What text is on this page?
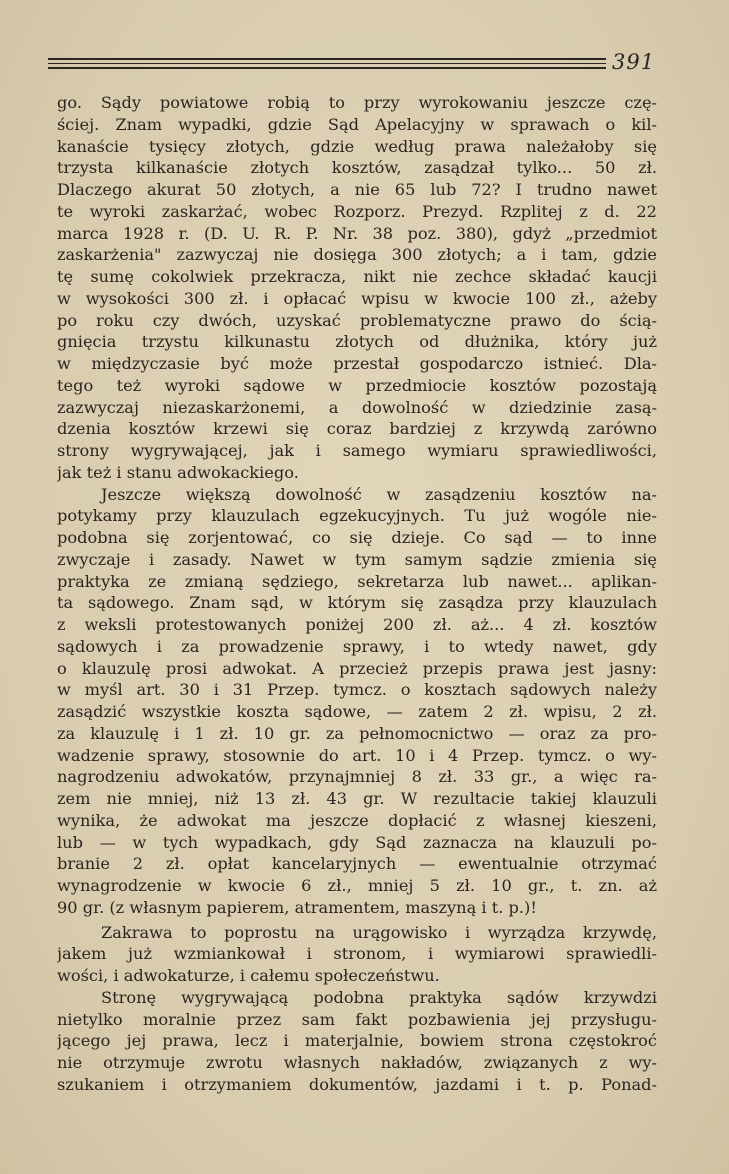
391
go. Sądy powiatowe robią to przy wyrokowaniu jeszcze czę-
ściej. Znam wypadki, gdzie Sąd Apelacyjny w sprawach o kil-
kanaście tysięcy złotych, gdzie według prawa należałoby się
trzysta kilkanaście złotych kosztów, zasądzał tylko... 50 zł.
Dlaczego akurat 50 złotych, a nie 65 lub 72? I trudno nawet
te wyroki zaskarżać, wobec Rozporz. Prezyd. Rzplitej z d. 22
marca 1928 r. (D. U. R. P. Nr. 38 poz. 380), gdyż „przedmiot
zaskarżenia" zazwyczaj nie dosięga 300 złotych; a i tam, gdzie
tę sumę cokolwiek przekracza, nikt nie zechce składać kaucji
w wysokości 300 zł. i opłacać wpisu w kwocie 100 zł., ażeby
po roku czy dwóch, uzyskać problematyczne prawo do ścią-
gnięcia trzystu kilkunastu złotych od dłużnika, który już
w międzyczasie być może przestał gospodarczo istnieć. Dla-
tego też wyroki sądowe w przedmiocie kosztów pozostają
zazwyczaj niezaskarżonemi, a dowolność w dziedzinie zasą-
dzenia kosztów krzewi się coraz bardziej z krzywdą zarówno
strony wygrywającej, jak i samego wymiaru sprawiedliwości,
jak też i stanu adwokackiego.
Jeszcze większą dowolność w zasądzeniu kosztów na-
potykamy przy klauzulach egzekucyjnych. Tu już wogóle nie-
podobna się zorjentować, co się dzieje. Co sąd — to inne
zwyczaje i zasady. Nawet w tym samym sądzie zmienia się
praktyka ze zmianą sędziego, sekretarza lub nawet... aplikan-
ta sądowego. Znam sąd, w którym się zasądza przy klauzulach
z weksli protestowanych poniżej 200 zł. aż... 4 zł. kosztów
sądowych i za prowadzenie sprawy, i to wtedy nawet, gdy
o klauzulę prosi adwokat. A przecież przepis prawa jest jasny:
w myśl art. 30 i 31 Przep. tymcz. o kosztach sądowych należy
zasądzić wszystkie koszta sądowe, — zatem 2 zł. wpisu, 2 zł.
za klauzulę i 1 zł. 10 gr. za pełnomocnictwo — oraz za pro-
wadzenie sprawy, stosownie do art. 10 i 4 Przep. tymcz. o wy-
nagrodzeniu adwokatów, przynajmniej 8 zł. 33 gr., a więc ra-
zem nie mniej, niż 13 zł. 43 gr. W rezultacie takiej klauzuli
wynika, że adwokat ma jeszcze dopłacić z własnej kieszeni,
lub — w tych wypadkach, gdy Sąd zaznacza na klauzuli po-
branie 2 zł. opłat kancelaryjnych — ewentualnie otrzymać
wynagrodzenie w kwocie 6 zł., mniej 5 zł. 10 gr., t. zn. aż
90 gr. (z własnym papierem, atramentem, maszyną i t. p.)!
Zakrawa to poprostu na urągowisko i wyrządza krzywdę,
jakem już wzmiankował i stronom, i wymiarowi sprawiedli-
wości, i adwokaturze, i całemu społeczeństwu.
Stronę wygrywającą podobna praktyka sądów krzywdzi
nietylko moralnie przez sam fakt pozbawienia jej przysługu-
jącego jej prawa, lecz i materjalnie, bowiem strona częstokroć
nie otrzymuje zwrotu własnych nakładów, związanych z wy-
szukaniem i otrzymaniem dokumentów, jazdami i t. p. Ponad-
